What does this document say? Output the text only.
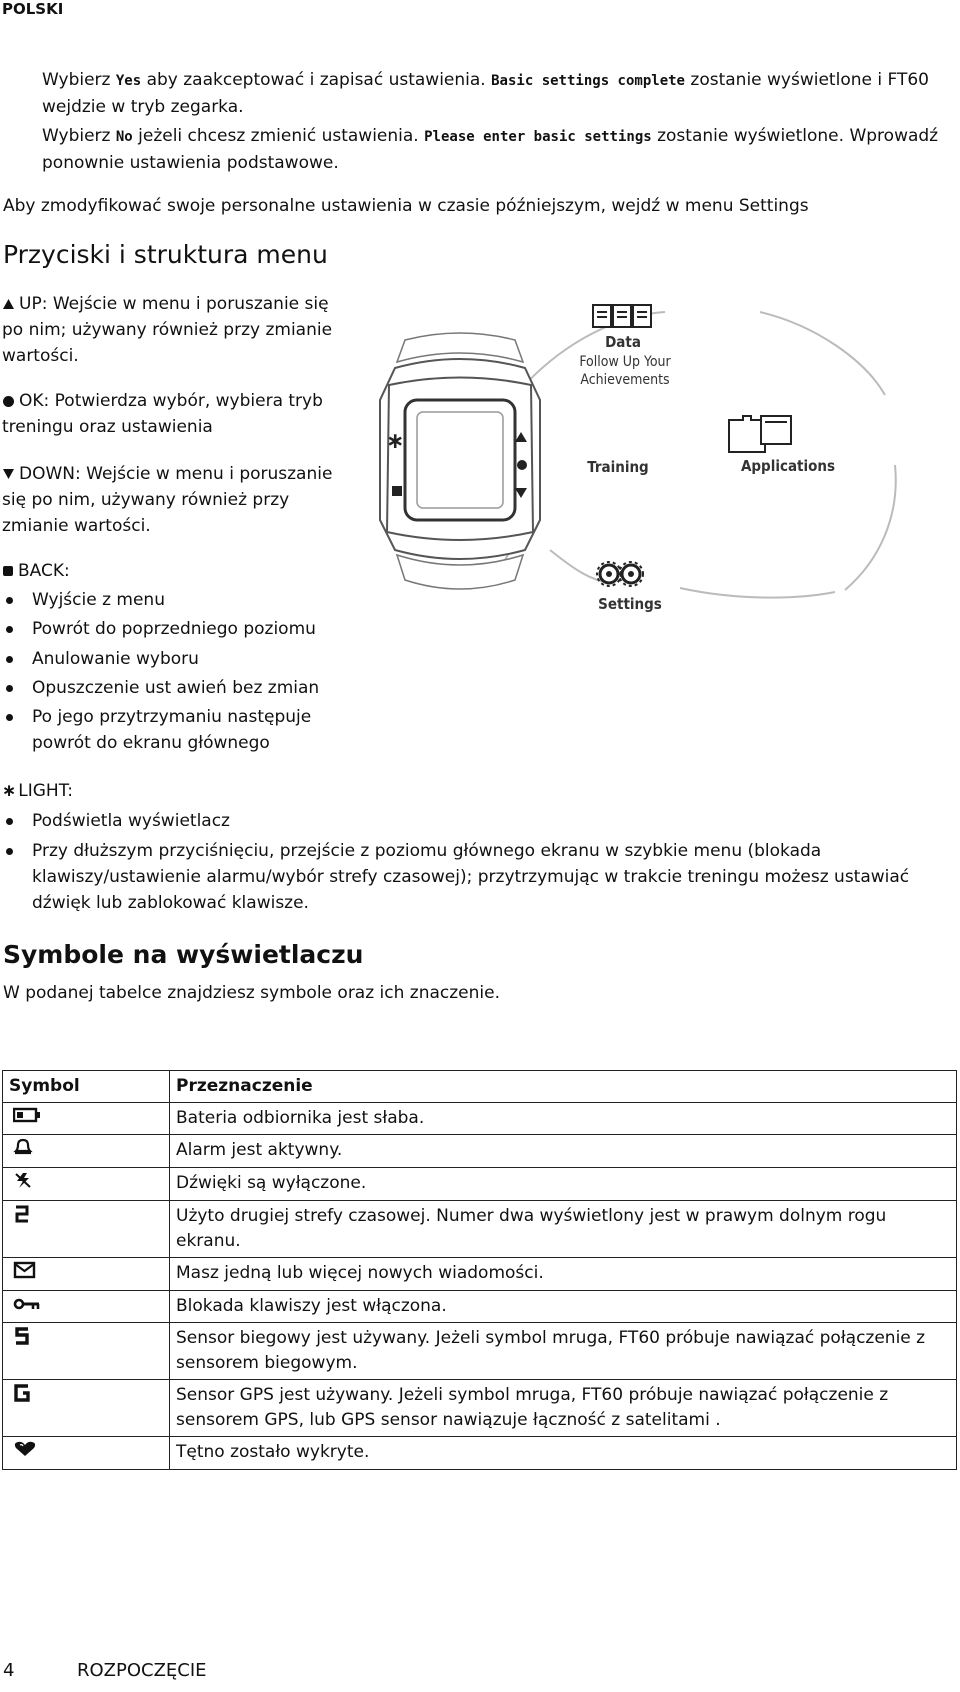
POLSKI
Wybierz Yes aby zaakceptować i zapisać ustawienia. Basic settings complete zostanie wyświetlone i FT60 wejdzie w tryb zegarka.
Wybierz No jeżeli chcesz zmienić ustawienia. Please enter basic settings zostanie wyświetlone. Wprowadź ponownie ustawienia podstawowe.
Aby zmodyfikować swoje personalne ustawienia w czasie późniejszym, wejdź w menu Settings
Przyciski i struktura menu
UP: Wejście w menu i poruszanie się po nim; używany również przy zmianie wartości.
OK: Potwierdza wybór, wybiera tryb treningu oraz ustawienia
DOWN: Wejście w menu i poruszanie się po nim, używany również przy zmianie wartości.
BACK:
Wyjście z menu
Powrót do poprzedniego poziomu
Anulowanie wyboru
Opuszczenie ust awień bez zmian
Po jego przytrzymaniu następuje powrót do ekranu głównego
∗ LIGHT:
Podświetla wyświetlacz
Przy dłuższym przyciśnięciu, przejście z poziomu głównego ekranu w szybkie menu (blokada klawiszy/ustawienie alarmu/wybór strefy czasowej); przytrzymując w trakcie treningu możesz ustawiać dźwięk lub zablokować klawisze.
∗
Data
Follow Up Your
Achievements
Training	Applications
Settings
Symbole na wyświetlaczu
W podanej tabelce znajdziesz symbole oraz ich znaczenie.
Symbol	Przeznaczenie
	Bateria odbiornika jest słaba.
	Alarm jest aktywny.
	Dźwięki są wyłączone.
	Użyto drugiej strefy czasowej. Numer dwa wyświetlony jest w prawym dolnym rogu ekranu.
	Masz jedną lub więcej nowych wiadomości.
	Blokada klawiszy jest włączona.
	Sensor biegowy jest używany. Jeżeli symbol mruga, FT60 próbuje nawiązać połączenie z sensorem biegowym.
	Sensor GPS jest używany. Jeżeli symbol mruga, FT60 próbuje nawiązać połączenie z sensorem GPS, lub GPS sensor nawiązuje łączność z satelitami .
	Tętno zostało wykryte.
4	ROZPOCZĘCIE
